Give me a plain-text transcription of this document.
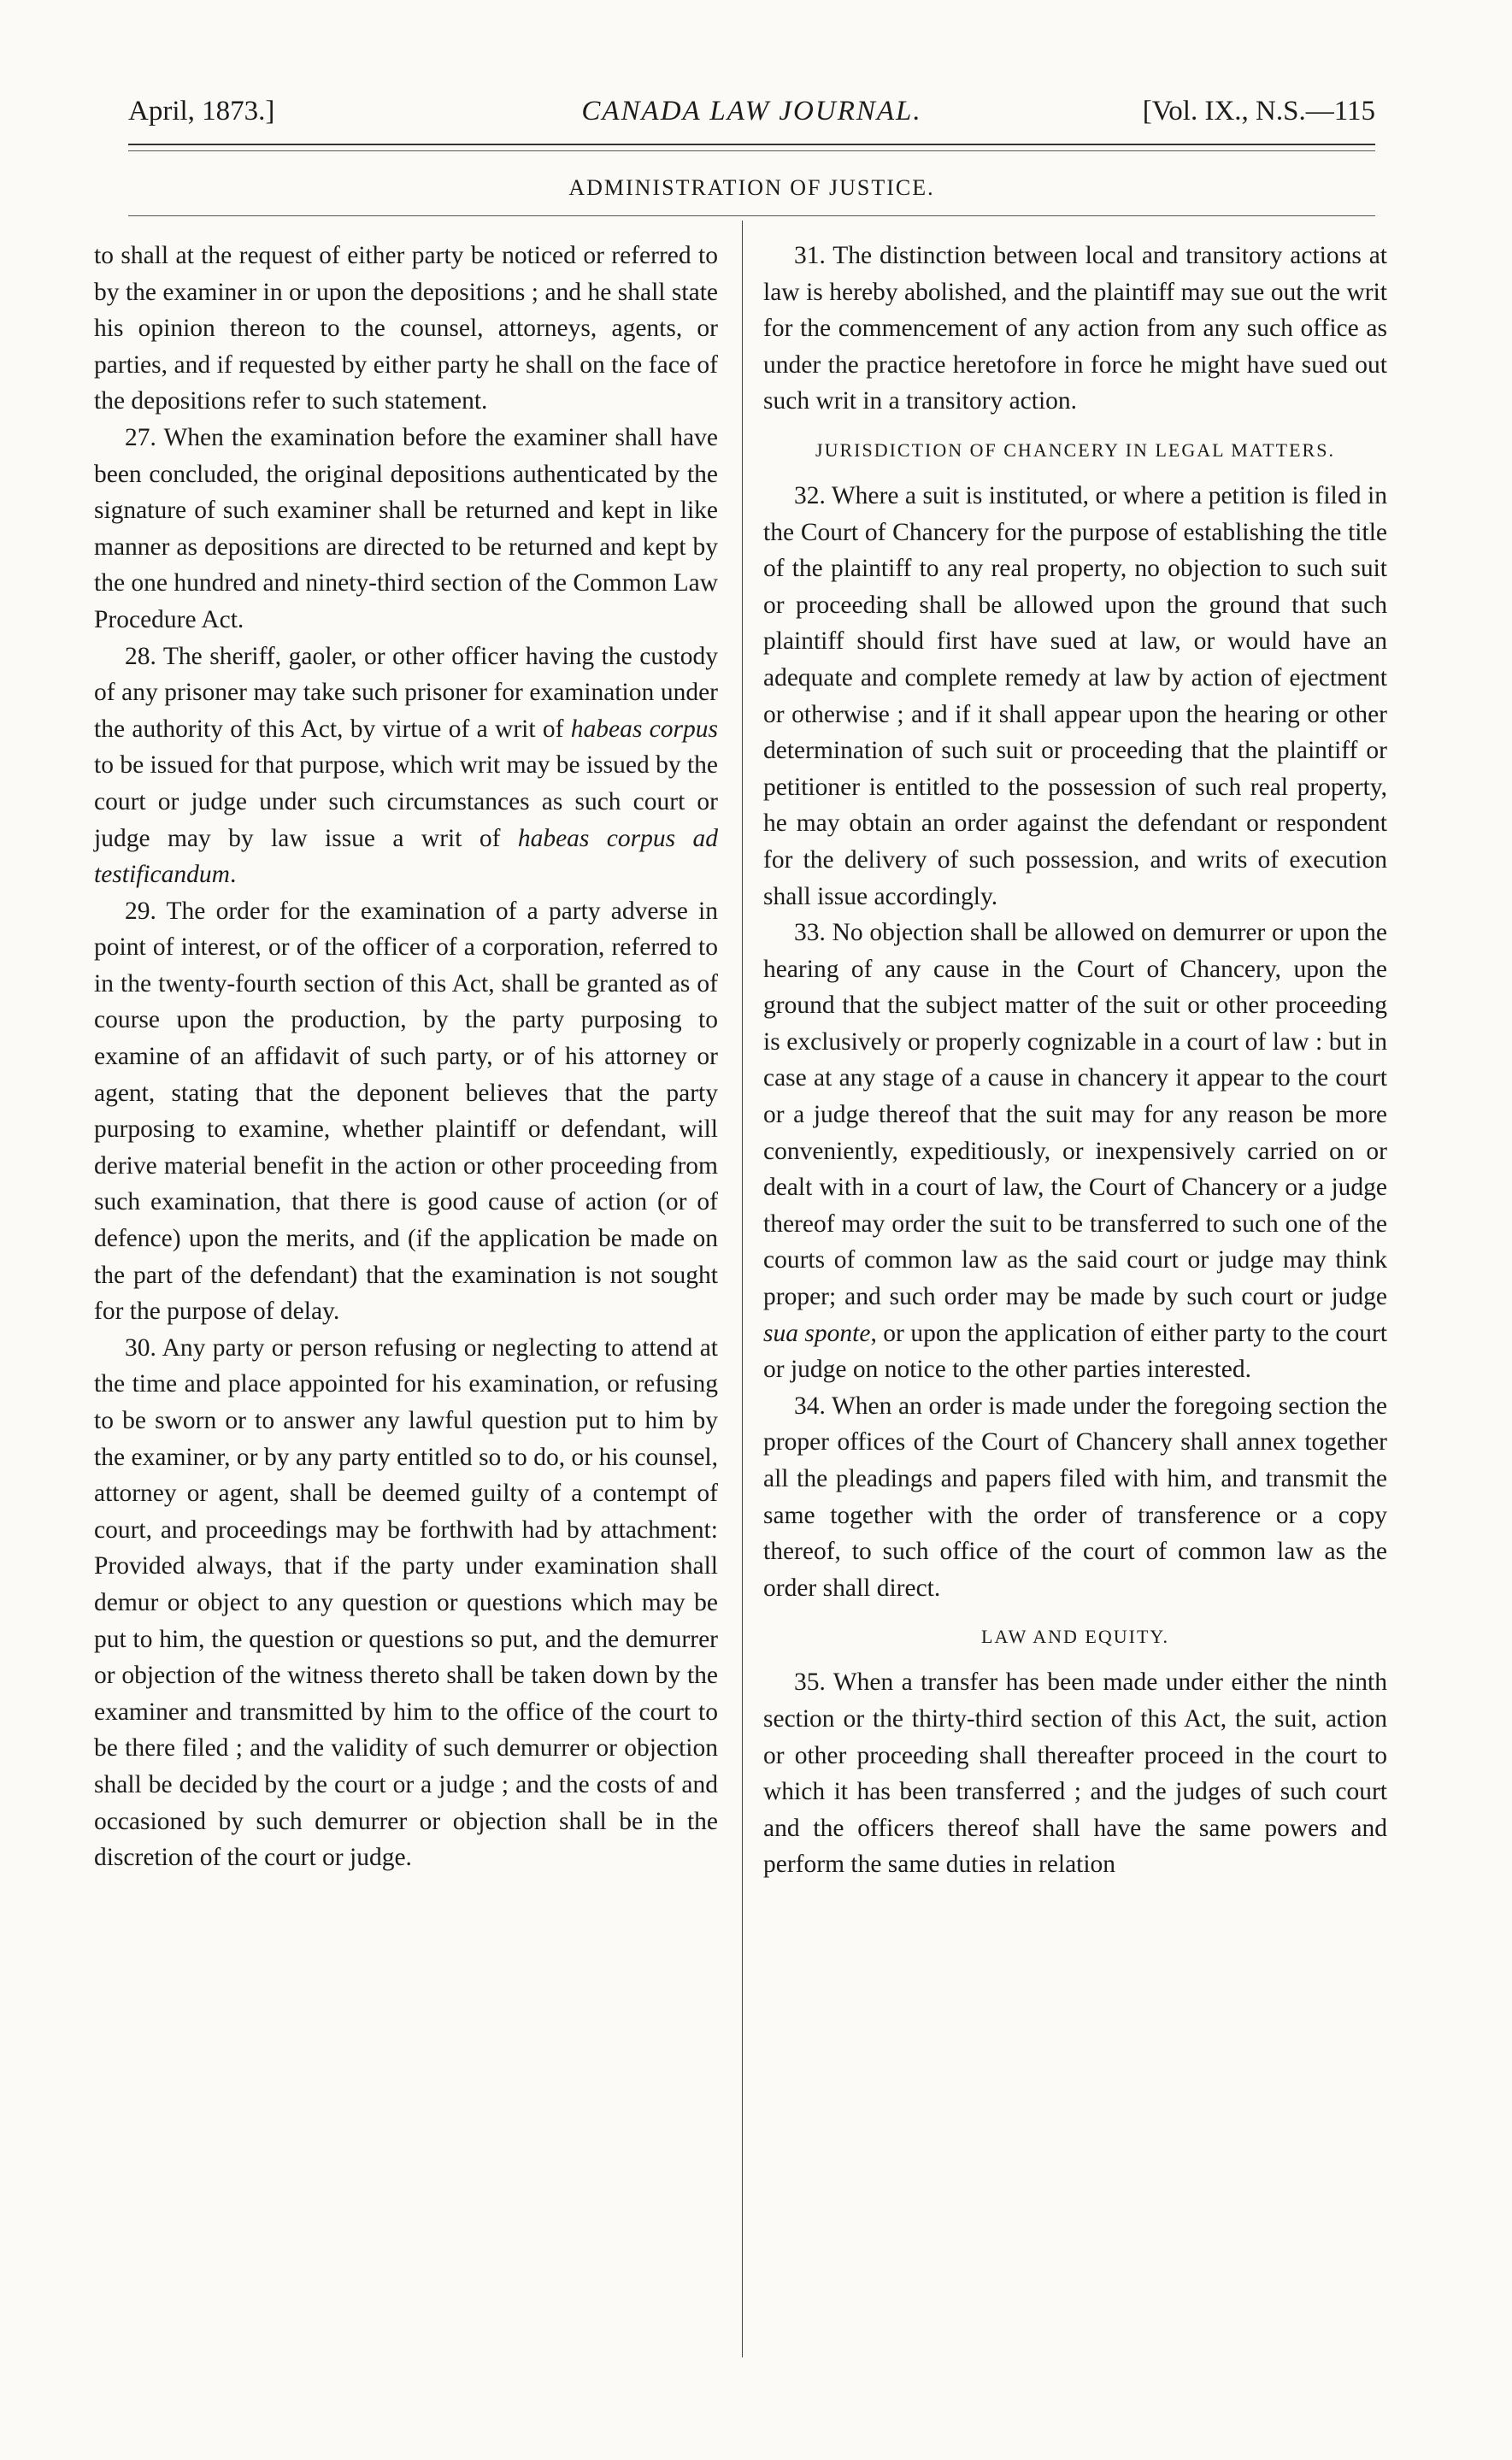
April, 1873.]	CANADA LAW JOURNAL.	[Vol. IX., N.S.—115
ADMINISTRATION OF JUSTICE.

to shall at the request of either party be noticed or referred to by the examiner in or upon the depositions ; and he shall state his opinion thereon to the counsel, attorneys, agents, or parties, and if requested by either party he shall on the face of the depositions refer to such statement.

27. When the examination before the examiner shall have been concluded, the original depositions authenticated by the signature of such examiner shall be returned and kept in like manner as depositions are directed to be returned and kept by the one hundred and ninety-third section of the Common Law Procedure Act.

28. The sheriff, gaoler, or other officer having the custody of any prisoner may take such prisoner for examination under the authority of this Act, by virtue of a writ of habeas corpus to be issued for that purpose, which writ may be issued by the court or judge under such circumstances as such court or judge may by law issue a writ of habeas corpus ad testificandum.

29. The order for the examination of a party adverse in point of interest, or of the officer of a corporation, referred to in the twenty-fourth section of this Act, shall be granted as of course upon the production, by the party purposing to examine of an affidavit of such party, or of his attorney or agent, stating that the deponent believes that the party purposing to examine, whether plaintiff or defendant, will derive material benefit in the action or other proceeding from such examination, that there is good cause of action (or of defence) upon the merits, and (if the application be made on the part of the defendant) that the examination is not sought for the purpose of delay.

30. Any party or person refusing or neglecting to attend at the time and place appointed for his examination, or refusing to be sworn or to answer any lawful question put to him by the examiner, or by any party entitled so to do, or his counsel, attorney or agent, shall be deemed guilty of a contempt of court, and proceedings may be forthwith had by attachment: Provided always, that if the party under examination shall demur or object to any question or questions which may be put to him, the question or questions so put, and the demurrer or objection of the witness thereto shall be taken down by the examiner and transmitted by him to the office of the court to be there filed ; and the validity of such demurrer or objection shall be decided by the court or a judge ; and the costs of and occasioned by such demurrer or objection shall be in the discretion of the court or judge.

31. The distinction between local and transitory actions at law is hereby abolished, and the plaintiff may sue out the writ for the commencement of any action from any such office as under the practice heretofore in force he might have sued out such writ in a transitory action.

JURISDICTION OF CHANCERY IN LEGAL MATTERS.

32. Where a suit is instituted, or where a petition is filed in the Court of Chancery for the purpose of establishing the title of the plaintiff to any real property, no objection to such suit or proceeding shall be allowed upon the ground that such plaintiff should first have sued at law, or would have an adequate and complete remedy at law by action of ejectment or otherwise ; and if it shall appear upon the hearing or other determination of such suit or proceeding that the plaintiff or petitioner is entitled to the possession of such real property, he may obtain an order against the defendant or respondent for the delivery of such possession, and writs of execution shall issue accordingly.

33. No objection shall be allowed on demurrer or upon the hearing of any cause in the Court of Chancery, upon the ground that the subject matter of the suit or other proceeding is exclusively or properly cognizable in a court of law : but in case at any stage of a cause in chancery it appear to the court or a judge thereof that the suit may for any reason be more conveniently, expeditiously, or inexpensively carried on or dealt with in a court of law, the Court of Chancery or a judge thereof may order the suit to be transferred to such one of the courts of common law as the said court or judge may think proper; and such order may be made by such court or judge sua sponte, or upon the application of either party to the court or judge on notice to the other parties interested.

34. When an order is made under the foregoing section the proper offices of the Court of Chancery shall annex together all the pleadings and papers filed with him, and transmit the same together with the order of transference or a copy thereof, to such office of the court of common law as the order shall direct.

LAW AND EQUITY.

35. When a transfer has been made under either the ninth section or the thirty-third section of this Act, the suit, action or other proceeding shall thereafter proceed in the court to which it has been transferred ; and the judges of such court and the officers thereof shall have the same powers and perform the same duties in relation
